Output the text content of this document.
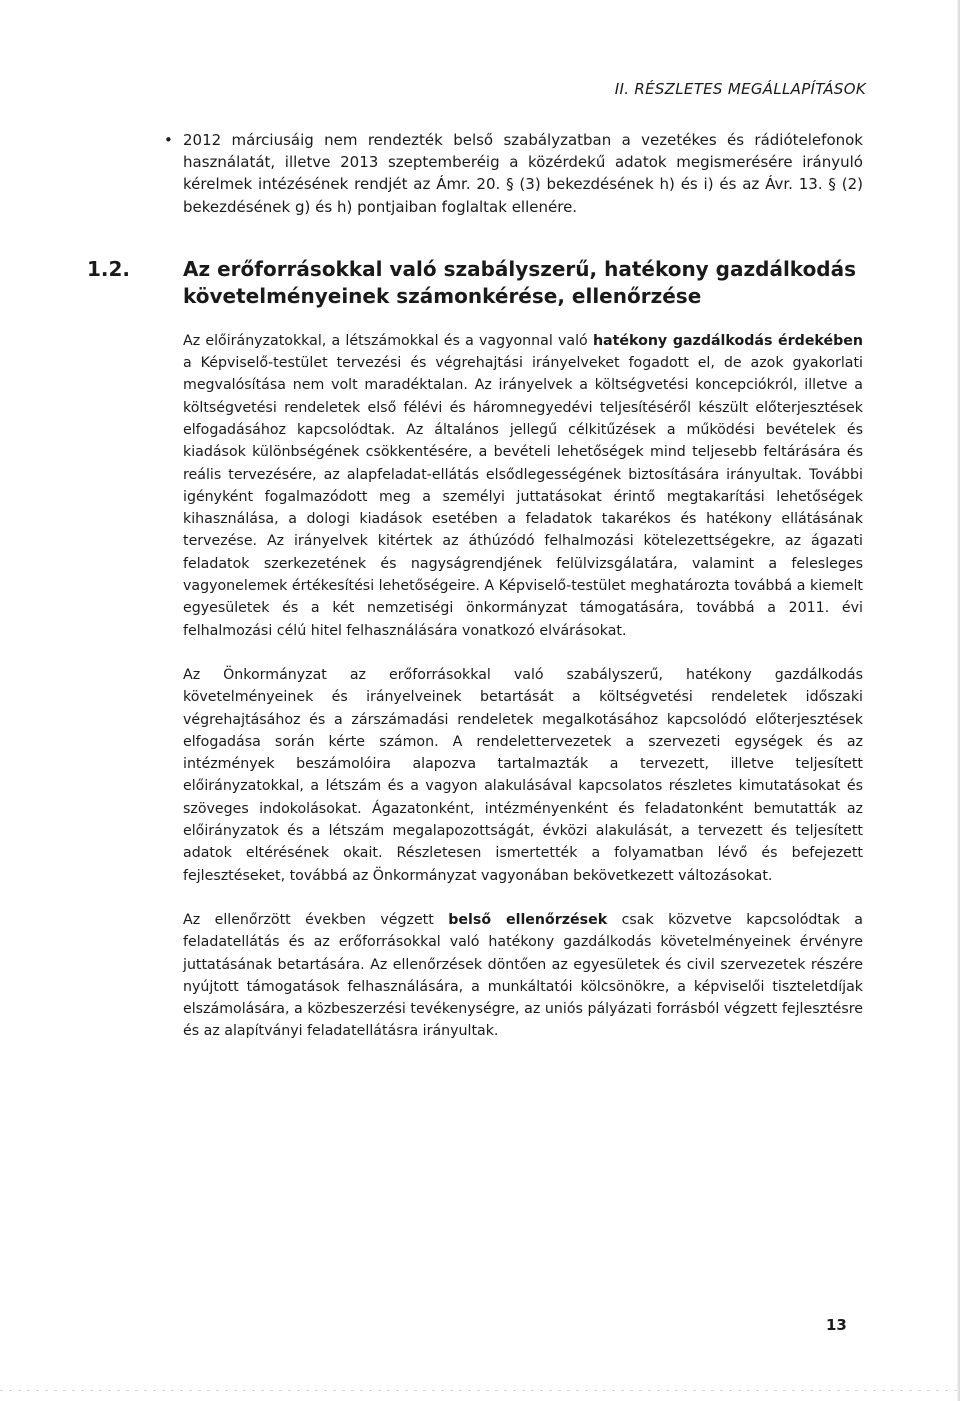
II. RÉSZLETES MEGÁLLAPÍTÁSOK
• 2012 márciusáig nem rendezték belső szabályzatban a vezetékes és rádiótelefonok használatát, illetve 2013 szeptemberéig a közérdekű adatok megismerésére irányuló kérelmek intézésének rendjét az Ámr. 20. § (3) bekezdésének h) és i) és az Ávr. 13. § (2) bekezdésének g) és h) pontjaiban foglaltak ellenére.
1.2.	Az erőforrásokkal való szabályszerű, hatékony gazdálkodás követelményeinek számonkérése, ellenőrzése

Az előirányzatokkal, a létszámokkal és a vagyonnal való hatékony gazdálkodás érdekében a Képviselő-testület tervezési és végrehajtási irányelveket fogadott el, de azok gyakorlati megvalósítása nem volt maradéktalan. Az irányelvek a költségvetési koncepciókról, illetve a költségvetési rendeletek első félévi és háromnegyedévi teljesítéséről készült előterjesztések elfogadásához kapcsolódtak. Az általános jellegű célkitűzések a működési bevételek és kiadások különbségének csökkentésére, a bevételi lehetőségek mind teljesebb feltárására és reális tervezésére, az alapfeladat-ellátás elsődlegességének biztosítására irányultak. További igényként fogalmazódott meg a személyi juttatásokat érintő megtakarítási lehetőségek kihasználása, a dologi kiadások esetében a feladatok takarékos és hatékony ellátásának tervezése. Az irányelvek kitértek az áthúzódó felhalmozási kötelezettségekre, az ágazati feladatok szerkezetének és nagyságrendjének felülvizsgálatára, valamint a felesleges vagyonelemek értékesítési lehetőségeire. A Képviselő-testület meghatározta továbbá a kiemelt egyesületek és a két nemzetiségi önkormányzat támogatására, továbbá a 2011. évi felhalmozási célú hitel felhasználására vonatkozó elvárásokat.

Az Önkormányzat az erőforrásokkal való szabályszerű, hatékony gazdálkodás követelményeinek és irányelveinek betartását a költségvetési rendeletek időszaki végrehajtásához és a zárszámadási rendeletek megalkotásához kapcsolódó előterjesztések elfogadása során kérte számon. A rendelettervezetek a szervezeti egységek és az intézmények beszámolóira alapozva tartalmazták a tervezett, illetve teljesített előirányzatokkal, a létszám és a vagyon alakulásával kapcsolatos részletes kimutatásokat és szöveges indokolásokat. Ágazatonként, intézményenként és feladatonként bemutatták az előirányzatok és a létszám megalapozottságát, évközi alakulását, a tervezett és teljesített adatok eltérésének okait. Részletesen ismertették a folyamatban lévő és befejezett fejlesztéseket, továbbá az Önkormányzat vagyonában bekövetkezett változásokat.

Az ellenőrzött években végzett belső ellenőrzések csak közvetve kapcsolódtak a feladatellátás és az erőforrásokkal való hatékony gazdálkodás követelményeinek érvényre juttatásának betartására. Az ellenőrzések döntően az egyesületek és civil szervezetek részére nyújtott támogatások felhasználására, a munkáltatói kölcsönökre, a képviselői tiszteletdíjak elszámolására, a közbeszerzési tevékenységre, az uniós pályázati forrásból végzett fejlesztésre és az alapítványi feladatellátásra irányultak.

13
